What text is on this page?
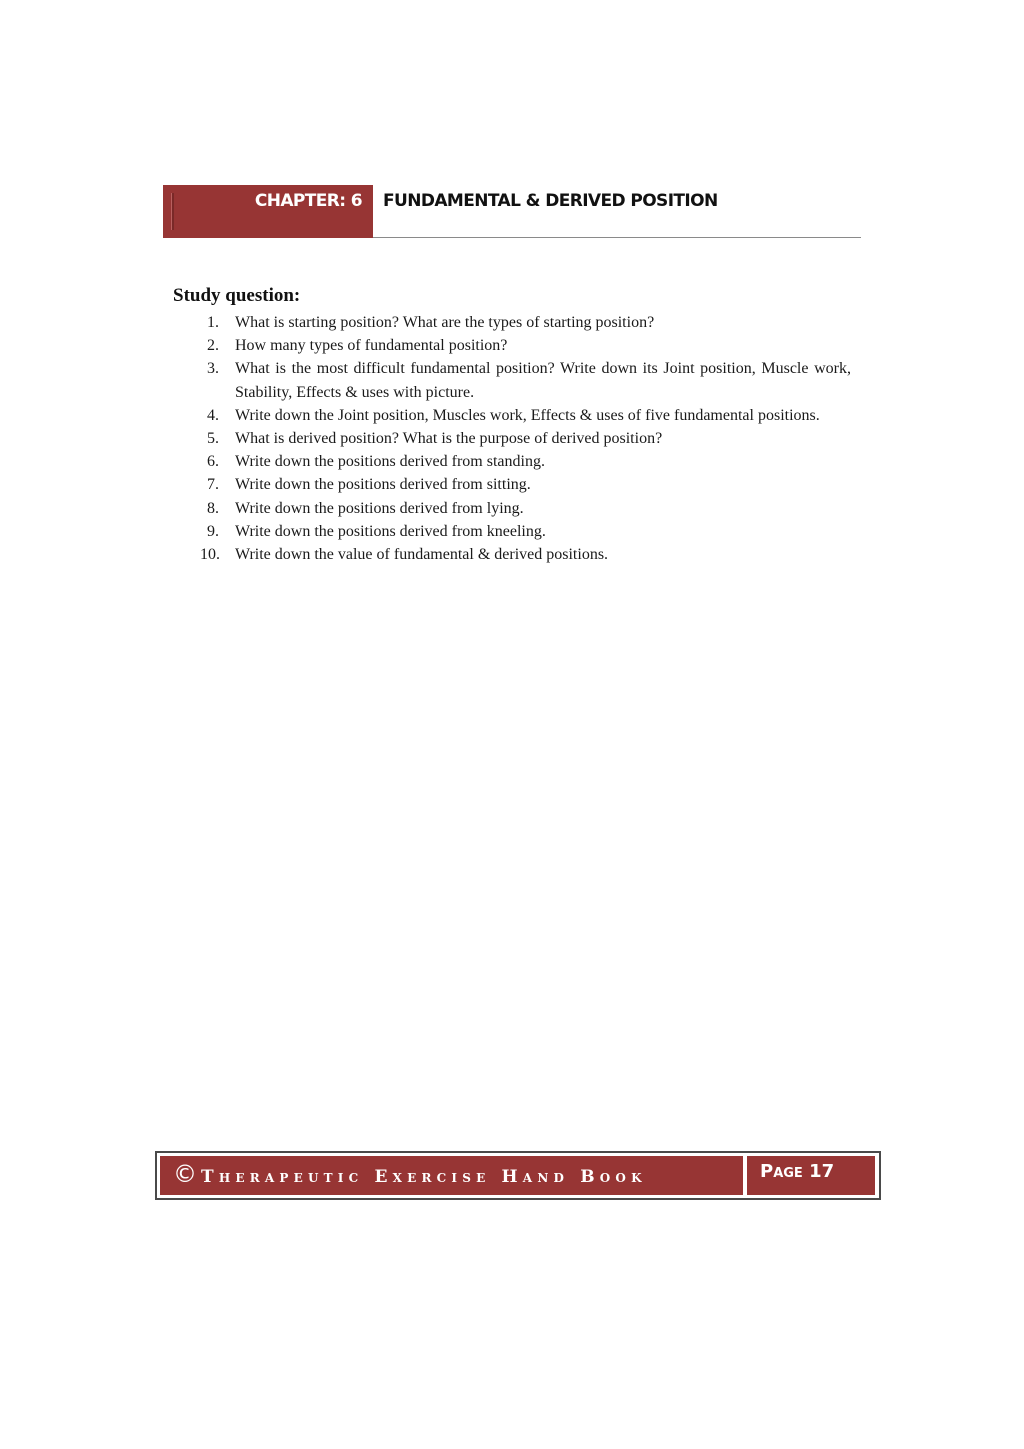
CHAPTER: 6 FUNDAMENTAL & DERIVED POSITION
Study question:
1.	What is starting position? What are the types of starting position?
2.	How many types of fundamental position?
3.	What is the most difficult fundamental position? Write down its Joint position, Muscle work, Stability, Effects & uses with picture.
4.	Write down the Joint position, Muscles work, Effects & uses of five fundamental positions.
5.	What is derived position? What is the purpose of derived position?
6.	Write down the positions derived from standing.
7.	Write down the positions derived from sitting.
8.	Write down the positions derived from lying.
9.	Write down the positions derived from kneeling.
10. Write down the value of fundamental & derived positions.
© Therapeutic Exercise Hand Book	Page 17
